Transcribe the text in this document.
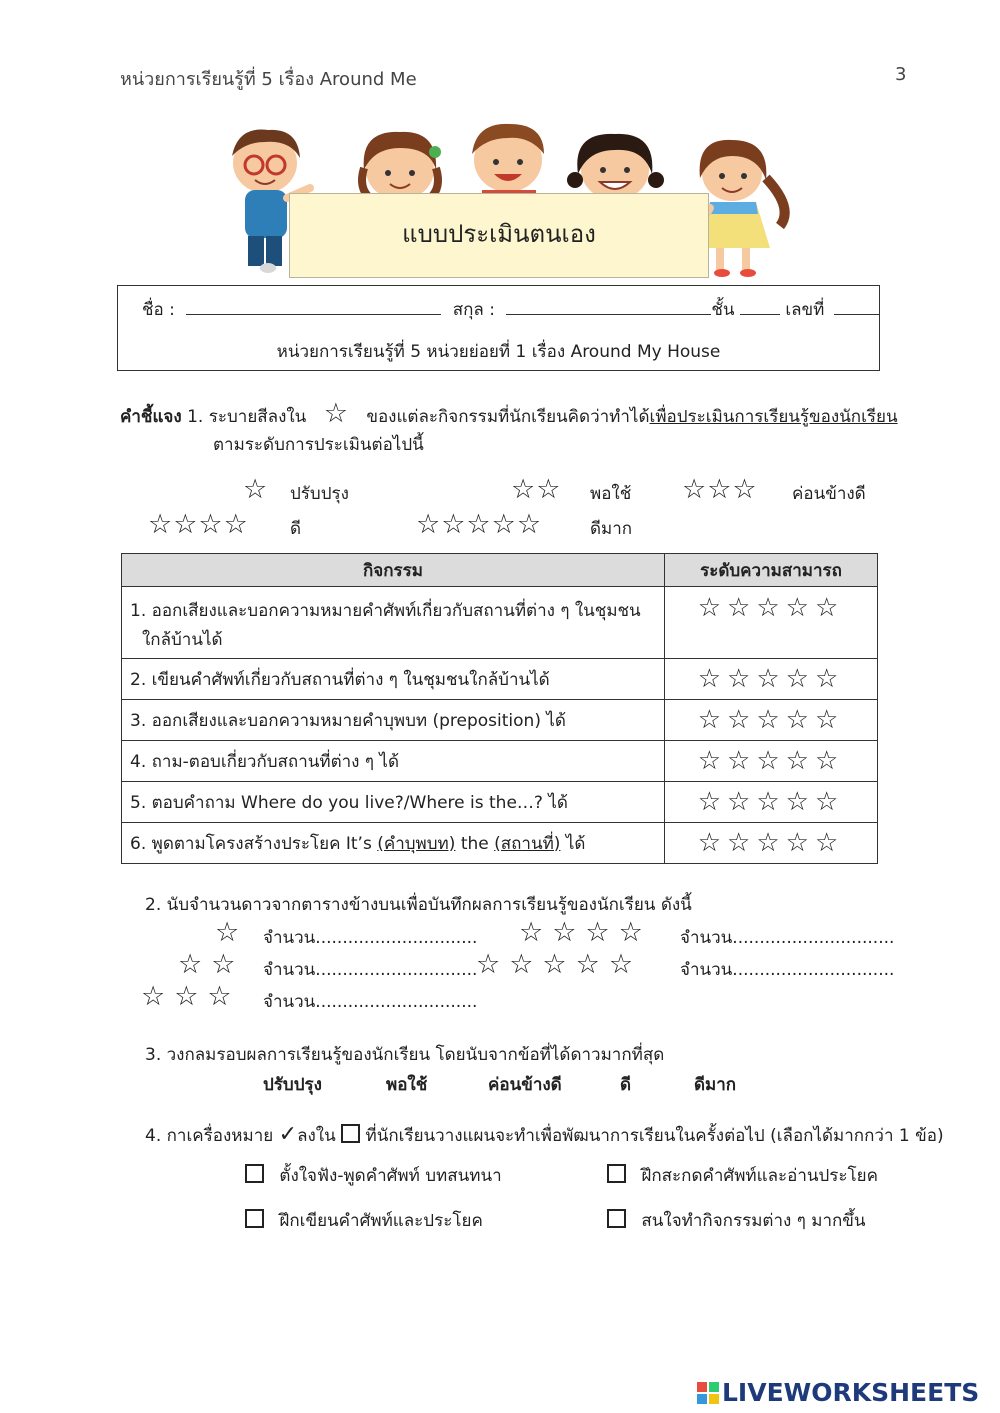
หน่วยการเรียนรู้ที่ 5 เรื่อง Around Me	3
แบบประเมินตนเอง
ชื่อ :	สกุล :	ชั้น	เลขที่
หน่วยการเรียนรู้ที่ 5 หน่วยย่อยที่ 1 เรื่อง Around My House
คำชี้แจง 1. ระบายสีลงใน ☆ ของแต่ละกิจกรรมที่นักเรียนคิดว่าทำได้เพื่อประเมินการเรียนรู้ของนักเรียน
ตามระดับการประเมินต่อไปนี้
☆ ปรับปรุง	☆☆ พอใช้ ☆☆☆ ค่อนข้างดี
☆☆☆☆ ดี	☆☆☆☆☆	ดีมาก
กิจกรรม	ระดับความสามารถ
1. ออกเสียงและบอกความหมายคำศัพท์เกี่ยวกับสถานที่ต่าง ๆ ในชุมชน
ใกล้บ้านได้	☆☆☆☆☆
2. เขียนคำศัพท์เกี่ยวกับสถานที่ต่าง ๆ ในชุมชนใกล้บ้านได้	☆☆☆☆☆
3. ออกเสียงและบอกความหมายคำบุพบท (preposition) ได้	☆☆☆☆☆
4. ถาม-ตอบเกี่ยวกับสถานที่ต่าง ๆ ได้	☆☆☆☆☆
5. ตอบคำถาม Where do you live?/Where is the…? ได้	☆☆☆☆☆
6. พูดตามโครงสร้างประโยค It’s (คำบุพบท) the (สถานที่) ได้	☆☆☆☆☆
2. นับจำนวนดาวจากตารางข้างบนเพื่อบันทึกผลการเรียนรู้ของนักเรียน ดังนี้
☆ จำนวน.............................. ☆☆☆☆ จำนวน..............................
☆☆ จำนวน..............................
☆☆☆☆☆ จำนวน..............................
☆☆☆ จำนวน..............................
3. วงกลมรอบผลการเรียนรู้ของนักเรียน โดยนับจากข้อที่ได้ดาวมากที่สุด
ปรับปรุง	พอใช้	ค่อนข้างดี	ดี	ดีมาก
4. กาเครื่องหมาย ✓ลงใน ที่นักเรียนวางแผนจะทำเพื่อพัฒนาการเรียนในครั้งต่อไป (เลือกได้มากกว่า 1 ข้อ)
ตั้งใจฟัง-พูดคำศัพท์ บทสนทนา	ฝึกสะกดคำศัพท์และอ่านประโยค
ฝึกเขียนคำศัพท์และประโยค	สนใจทำกิจกรรมต่าง ๆ มากขึ้น
LIVEWORKSHEETS
